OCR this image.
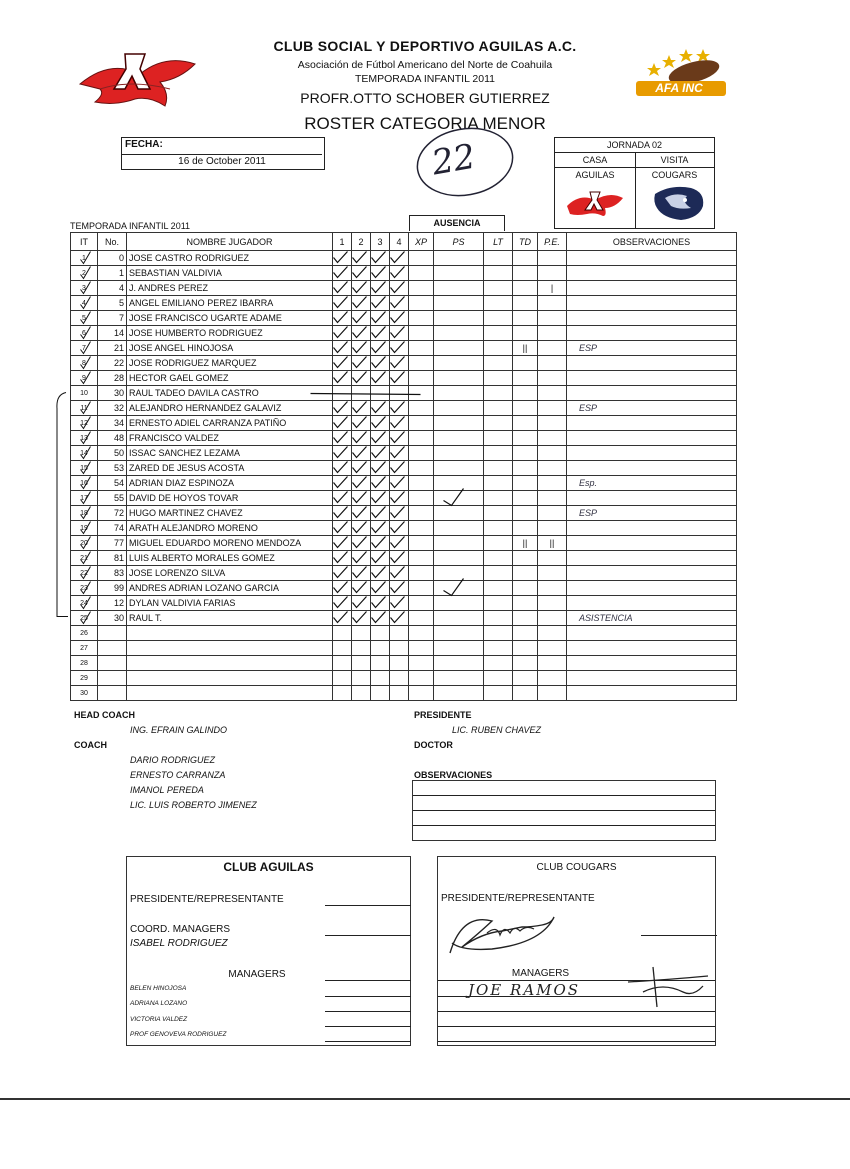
CLUB SOCIAL Y DEPORTIVO AGUILAS A.C.
Asociación de Fútbol Americano del Norte de Coahuila
TEMPORADA INFANTIL 2011
PROFR.OTTO SCHOBER GUTIERREZ
ROSTER CATEGORIA MENOR
AFA INC
22
FECHA:
16 de October 2011
JORNADA 02
CASA	VISITA
AGUILAS	COUGARS
TEMPORADA INFANTIL 2011	AUSENCIA
IT	No.	NOMBRE JUGADOR	1	2	3	4	XP	PS	LT	TD	P.E.	OBSERVACIONES
1	0	JOSE CASTRO RODRIGUEZ										
2	1	SEBASTIAN VALDIVIA										
3	4	J. ANDRES PEREZ									|	
4	5	ANGEL EMILIANO PEREZ IBARRA										
5	7	JOSE FRANCISCO UGARTE ADAME										
6	14	JOSE HUMBERTO RODRIGUEZ										
7	21	JOSE ANGEL HINOJOSA								||		ESP
8	22	JOSE RODRIGUEZ MARQUEZ										
9	28	HECTOR GAEL GOMEZ										
10	30	RAUL TADEO DAVILA CASTRO										
11	32	ALEJANDRO HERNANDEZ GALAVIZ										ESP
12	34	ERNESTO ADIEL CARRANZA PATIÑO										
13	48	FRANCISCO VALDEZ										
14	50	ISSAC SANCHEZ LEZAMA										
15	53	ZARED DE JESUS ACOSTA										
16	54	ADRIAN DIAZ ESPINOZA										Esp.
17	55	DAVID DE HOYOS TOVAR										
18	72	HUGO MARTINEZ CHAVEZ										ESP
19	74	ARATH ALEJANDRO MORENO										
20	77	MIGUEL EDUARDO MORENO MENDOZA								||	||	
21	81	LUIS ALBERTO MORALES GOMEZ										
22	83	JOSE LORENZO SILVA										
23	99	ANDRES ADRIAN LOZANO GARCIA										
24	12	DYLAN VALDIVIA FARIAS										
25	30	RAUL T.										ASISTENCIA
26												
27												
28												
29												
30												
HEAD COACH
ING. EFRAIN GALINDO
COACH
DARIO RODRIGUEZ
ERNESTO CARRANZA
IMANOL PEREDA
LIC. LUIS ROBERTO JIMENEZ
PRESIDENTE
LIC. RUBEN CHAVEZ
DOCTOR
OBSERVACIONES
CLUB AGUILAS
PRESIDENTE/REPRESENTANTE
COORD. MANAGERS
ISABEL RODRIGUEZ
MANAGERS
BELEN HINOJOSA
ADRIANA LOZANO
VICTORIA VALDEZ
PROF GENOVEVA RODRIGUEZ
CLUB COUGARS
PRESIDENTE/REPRESENTANTE
MANAGERS
JOE RAMOS
